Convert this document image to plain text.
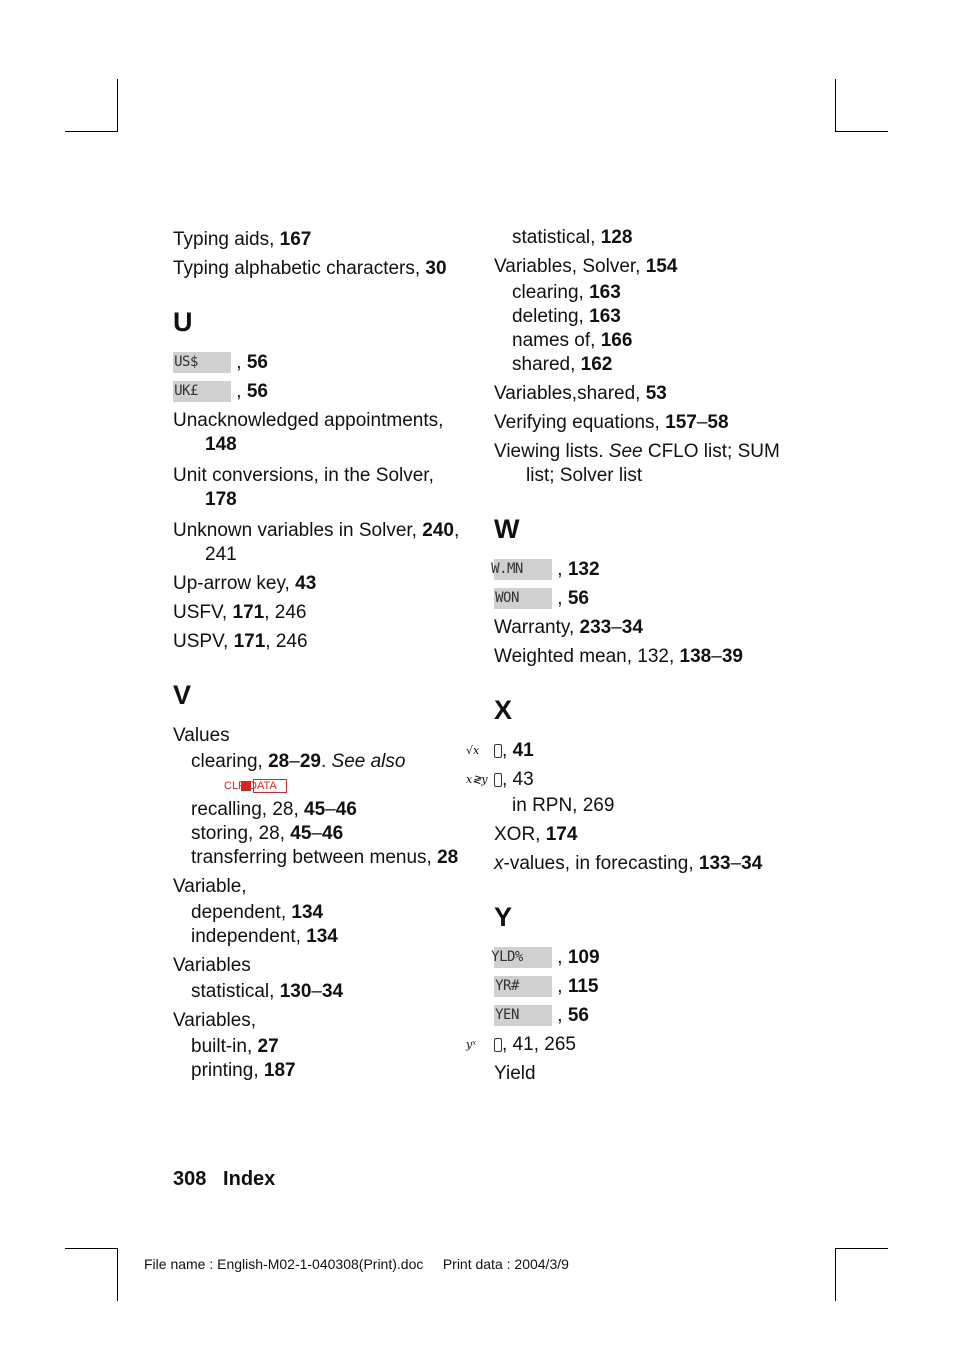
Typing aids, 167

Typing alphabetic characters, 30

U

US$ , 56

UK£ , 56

Unacknowledged appointments, 148

Unit conversions, in the Solver, 178

Unknown variables in Solver, 240, 241

Up-arrow key, 43

USFV, 171, 246

USPV, 171, 246

V

Values

clearing, 28–29. See also
CLR DATA

recalling, 28, 45–46

storing, 28, 45–46

transferring between menus, 28

Variable,

dependent, 134

independent, 134

Variables

statistical, 130–34

Variables,

built-in, 27

printing, 187

statistical, 128

Variables, Solver, 154

clearing, 163

deleting, 163

names of, 166

shared, 162

Variables,shared, 53

Verifying equations, 157–58

Viewing lists. See CFLO list; SUM list; Solver list

W

W.MN , 132

WON , 56

Warranty, 233–34

Weighted mean, 132, 138–39

X

√x , 41

x≷y , 43

in RPN, 269

XOR, 174

x-values, in forecasting, 133–34

Y

YLD% , 109

YR# , 115

YEN , 56

yˣ , 41, 265

Yield

308 Index
File name : English-M02-1-040308(Print).doc Print data : 2004/3/9
